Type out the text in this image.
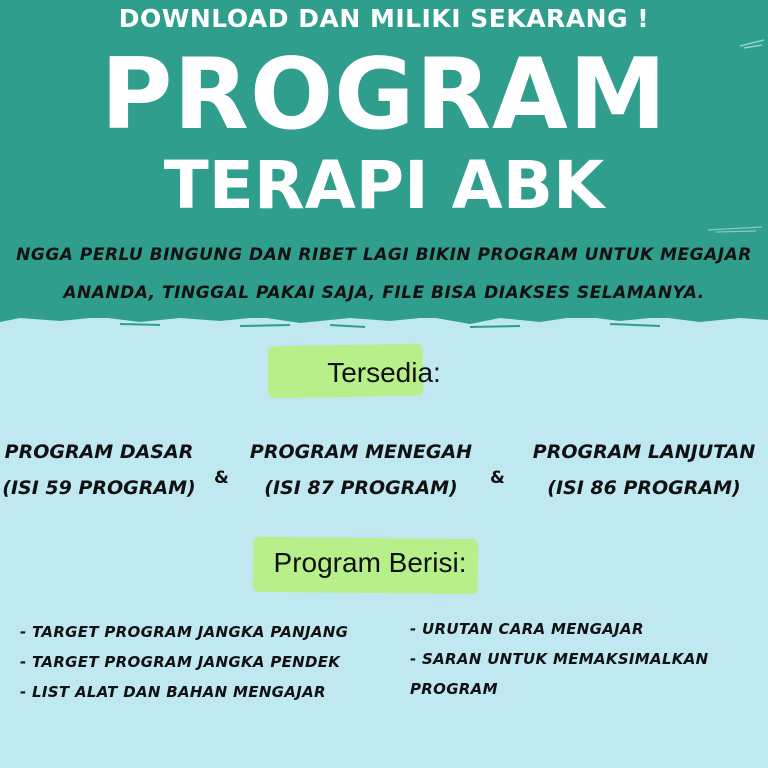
DOWNLOAD DAN MILIKI SEKARANG !
PROGRAM
TERAPI ABK
NGGA PERLU BINGUNG DAN RIBET LAGI BIKIN PROGRAM UNTUK MEGAJAR
ANANDA, TINGGAL PAKAI SAJA, FILE BISA DIAKSES SELAMANYA.
Tersedia:
PROGRAM DASAR
(ISI 59 PROGRAM) &
PROGRAM MENEGAH
(ISI 87 PROGRAM)	&
PROGRAM LANJUTAN
(ISI 86 PROGRAM)
Program Berisi:
- TARGET PROGRAM JANGKA PANJANG
- TARGET PROGRAM JANGKA PENDEK
- LIST ALAT DAN BAHAN MENGAJAR
- URUTAN CARA MENGAJAR
- SARAN UNTUK MEMAKSIMALKAN
PROGRAM
